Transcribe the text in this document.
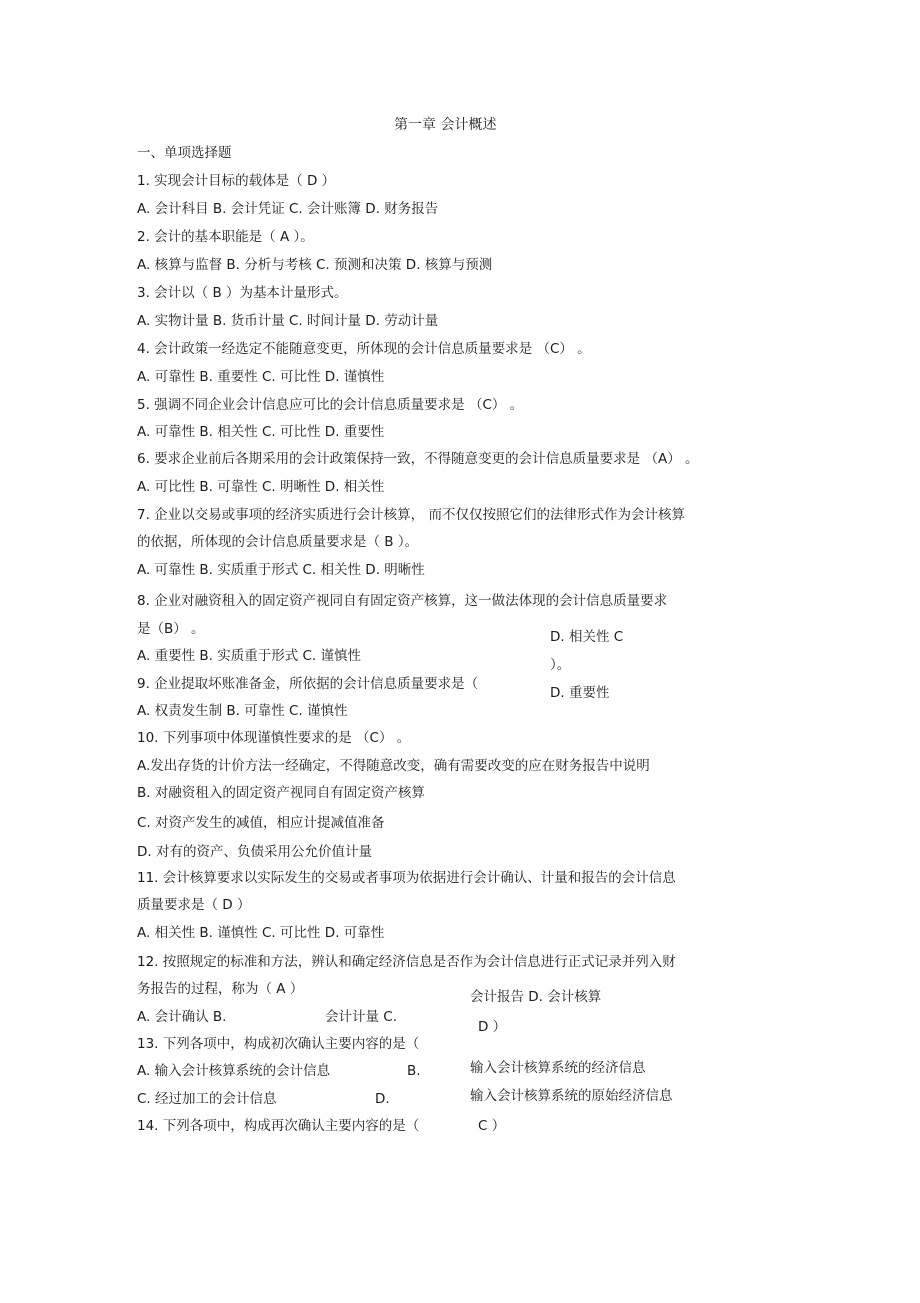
第一章 会计概述
一、单项选择题
1. 实现会计目标的载体是（ D ）
A. 会计科目 B. 会计凭证 C. 会计账簿 D. 财务报告
2. 会计的基本职能是（ A ）。
A. 核算与监督 B. 分析与考核 C. 预测和决策 D. 核算与预测
3. 会计以（ B ）为基本计量形式。
A. 实物计量 B. 货币计量 C. 时间计量 D. 劳动计量
4. 会计政策一经选定不能随意变更，所体现的会计信息质量要求是 （C） 。
A. 可靠性 B. 重要性 C. 可比性 D. 谨慎性
5. 强调不同企业会计信息应可比的会计信息质量要求是 （C） 。
A. 可靠性 B. 相关性 C. 可比性 D. 重要性
6. 要求企业前后各期采用的会计政策保持一致，不得随意变更的会计信息质量要求是 （A） 。
A. 可比性 B. 可靠性 C. 明晰性 D. 相关性
7. 企业以交易或事项的经济实质进行会计核算， 而不仅仅按照它们的法律形式作为会计核算
的依据，所体现的会计信息质量要求是（ B ）。
A. 可靠性 B. 实质重于形式 C. 相关性 D. 明晰性
8. 企业对融资租入的固定资产视同自有固定资产核算，这一做法体现的会计信息质量要求
是（B） 。	D. 相关性 C
A. 重要性 B. 实质重于形式 C. 谨慎性
）。
9. 企业提取坏账准备金，所依据的会计信息质量要求是（
D. 重要性
A. 权责发生制 B. 可靠性 C. 谨慎性
10. 下列事项中体现谨慎性要求的是 （C） 。
A.发出存货的计价方法一经确定，不得随意改变，确有需要改变的应在财务报告中说明
B. 对融资租入的固定资产视同自有固定资产核算
C. 对资产发生的减值，相应计提减值准备
D. 对有的资产、负债采用公允价值计量
11. 会计核算要求以实际发生的交易或者事项为依据进行会计确认、计量和报告的会计信息
质量要求是（ D ）
A. 相关性 B. 谨慎性 C. 可比性 D. 可靠性
12. 按照规定的标准和方法，辨认和确定经济信息是否作为会计信息进行正式记录并列入财
务报告的过程，称为（ A ）	会计报告 D. 会计核算
A. 会计确认 B.	会计计量 C.
D ）
13. 下列各项中，构成初次确认主要内容的是（
输入会计核算系统的经济信息
A. 输入会计核算系统的会计信息	B.
输入会计核算系统的原始经济信息
C. 经过加工的会计信息	D.
14. 下列各项中，构成再次确认主要内容的是（	C ）
